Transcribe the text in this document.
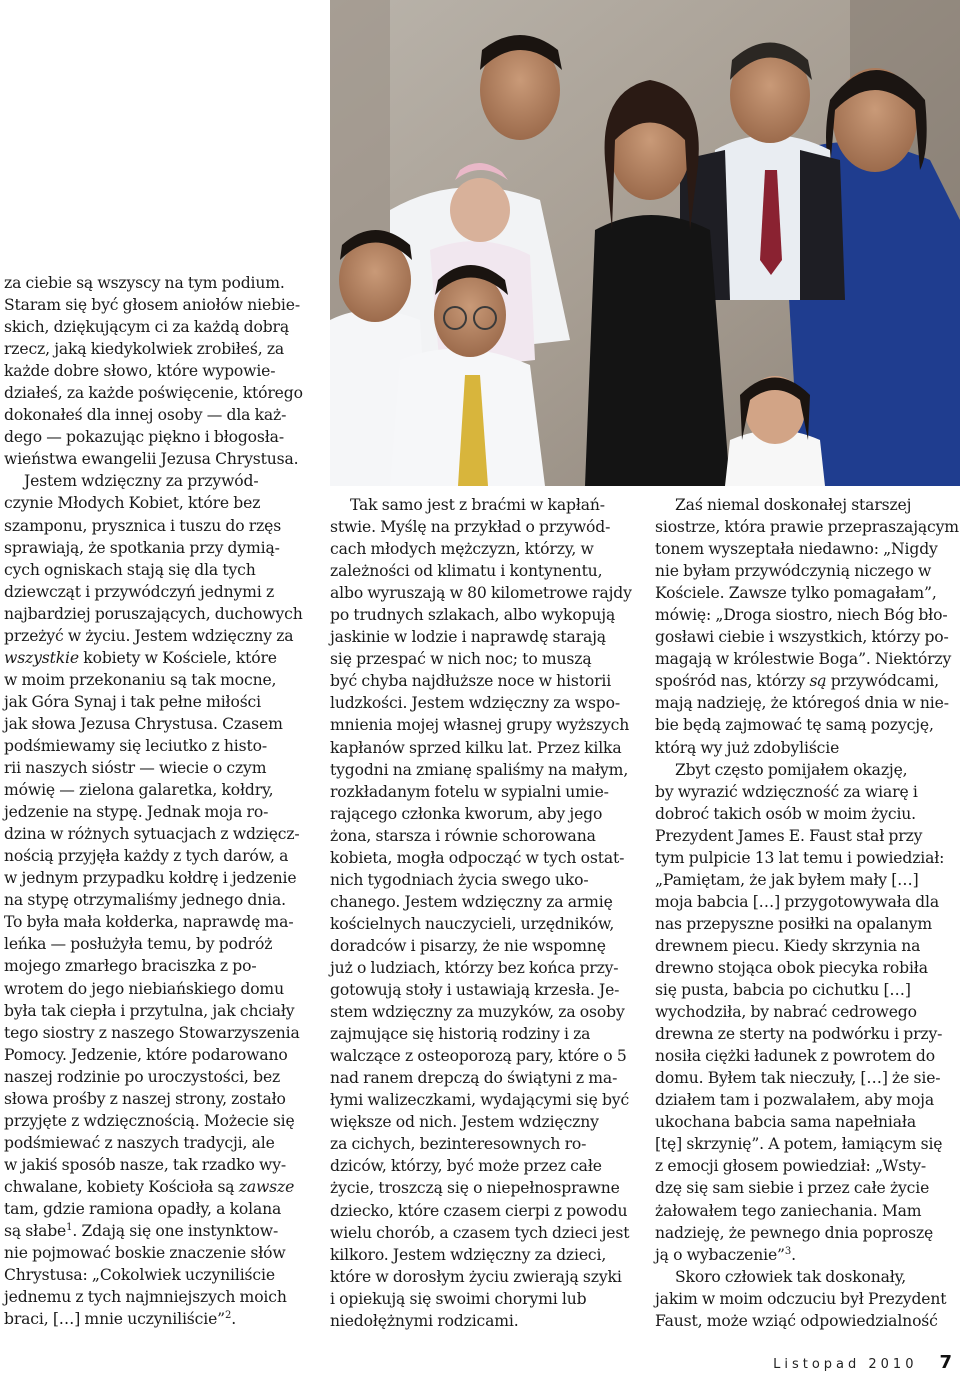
za ciebie są wszyscy na tym podium.
Staram się być głosem aniołów niebie-
skich, dziękującym ci za każdą dobrą
rzecz, jaką kiedykolwiek zrobiłeś, za
każde dobre słowo, które wypowie-
działeś, za każde poświęcenie, którego
dokonałeś dla innej osoby — dla każ-
dego — pokazując piękno i błogosła-
wieństwa ewangelii Jezusa Chrystusa.

Jestem wdzięczny za przywód-
czynie Młodych Kobiet, które bez
szamponu, prysznica i tuszu do rzęs
sprawiają, że spotkania przy dymią-
cych ogniskach stają się dla tych
dziewcząt i przywódczyń jednymi z
najbardziej poruszających, duchowych
przeżyć w życiu. Jestem wdzięczny za
wszystkie kobiety w Kościele, które
w moim przekonaniu są tak mocne,
jak Góra Synaj i tak pełne miłości
jak słowa Jezusa Chrystusa. Czasem
podśmiewamy się leciutko z histo-
rii naszych sióstr — wiecie o czym
mówię — zielona galaretka, kołdry,
jedzenie na stypę. Jednak moja ro-
dzina w różnych sytuacjach z wdzięcz-
nością przyjęła każdy z tych darów, a
w jednym przypadku kołdrę i jedzenie
na stypę otrzymaliśmy jednego dnia.
To była mała kołderka, naprawdę ma-
leńka — posłużyła temu, by podróż
mojego zmarłego braciszka z po-
wrotem do jego niebiańskiego domu
była tak ciepła i przytulna, jak chciały
tego siostry z naszego Stowarzyszenia
Pomocy. Jedzenie, które podarowano
naszej rodzinie po uroczystości, bez
słowa prośby z naszej strony, zostało
przyjęte z wdzięcznością. Możecie się
podśmiewać z naszych tradycji, ale
w jakiś sposób nasze, tak rzadko wy-
chwalane, kobiety Kościoła są zawsze
tam, gdzie ramiona opadły, a kolana
są słabe$^1$. Zdają się one instynktow-
nie pojmować boskie znaczenie słów
Chrystusa: „Cokolwiek uczyniliście
jednemu z tych najmniejszych moich
braci, […] mnie uczyniliście”$^2$.

Tak samo jest z braćmi w kapłań-
stwie. Myślę na przykład o przywód-
cach młodych mężczyzn, którzy, w
zależności od klimatu i kontynentu,
albo wyruszają w 80 kilometrowe rajdy
po trudnych szlakach, albo wykopują
jaskinie w lodzie i naprawdę starają
się przespać w nich noc; to muszą
być chyba najdłuższe noce w historii
ludzkości. Jestem wdzięczny za wspo-
mnienia mojej własnej grupy wyższych
kapłanów sprzed kilku lat. Przez kilka
tygodni na zmianę spaliśmy na małym,
rozkładanym fotelu w sypialni umie-
rającego członka kworum, aby jego
żona, starsza i równie schorowana
kobieta, mogła odpocząć w tych ostat-
nich tygodniach życia swego uko-
chanego. Jestem wdzięczny za armię
kościelnych nauczycieli, urzędników,
doradców i pisarzy, że nie wspomnę
już o ludziach, którzy bez końca przy-
gotowują stoły i ustawiają krzesła. Je-
stem wdzięczny za muzyków, za osoby
zajmujące się historią rodziny i za
walczące z osteoporozą pary, które o 5
nad ranem drepczą do świątyni z ma-
łymi walizeczkami, wydającymi się być
większe od nich. Jestem wdzięczny
za cichych, bezinteresownych ro-
dziców, którzy, być może przez całe
życie, troszczą się o niepełnosprawne
dziecko, które czasem cierpi z powodu
wielu chorób, a czasem tych dzieci jest
kilkoro. Jestem wdzięczny za dzieci,
które w dorosłym życiu zwierają szyki
i opiekują się swoimi chorymi lub
niedołężnymi rodzicami.

Zaś niemal doskonałej starszej
siostrze, która prawie przepraszającym
tonem wyszeptała niedawno: „Nigdy
nie byłam przywódczynią niczego w
Kościele. Zawsze tylko pomagałam”,
mówię: „Droga siostro, niech Bóg bło-
gosławi ciebie i wszystkich, którzy po-
magają w królestwie Boga”. Niektórzy
spośród nas, którzy są przywódcami,
mają nadzieję, że któregoś dnia w nie-
bie będą zajmować tę samą pozycję,
którą wy już zdobyliście

Zbyt często pomijałem okazję,
by wyrazić wdzięczność za wiarę i
dobroć takich osób w moim życiu.
Prezydent James E. Faust stał przy
tym pulpicie 13 lat temu i powiedział:
„Pamiętam, że jak byłem mały […]
moja babcia […] przygotowywała dla
nas przepyszne posiłki na opalanym
drewnem piecu. Kiedy skrzynia na
drewno stojąca obok piecyka robiła
się pusta, babcia po cichutku […]
wychodziła, by nabrać cedrowego
drewna ze sterty na podwórku i przy-
nosiła ciężki ładunek z powrotem do
domu. Byłem tak nieczuły, […] że sie-
działem tam i pozwalałem, aby moja
ukochana babcia sama napełniała
[tę] skrzynię”. A potem, łamiącym się
z emocji głosem powiedział: „Wsty-
dzę się sam siebie i przez całe życie
żałowałem tego zaniechania. Mam
nadzieję, że pewnego dnia poproszę
ją o wybaczenie”$^3$.

Skoro człowiek tak doskonały,
jakim w moim odczuciu był Prezydent
Faust, może wziąć odpowiedzialność

Listopad 2010 7
